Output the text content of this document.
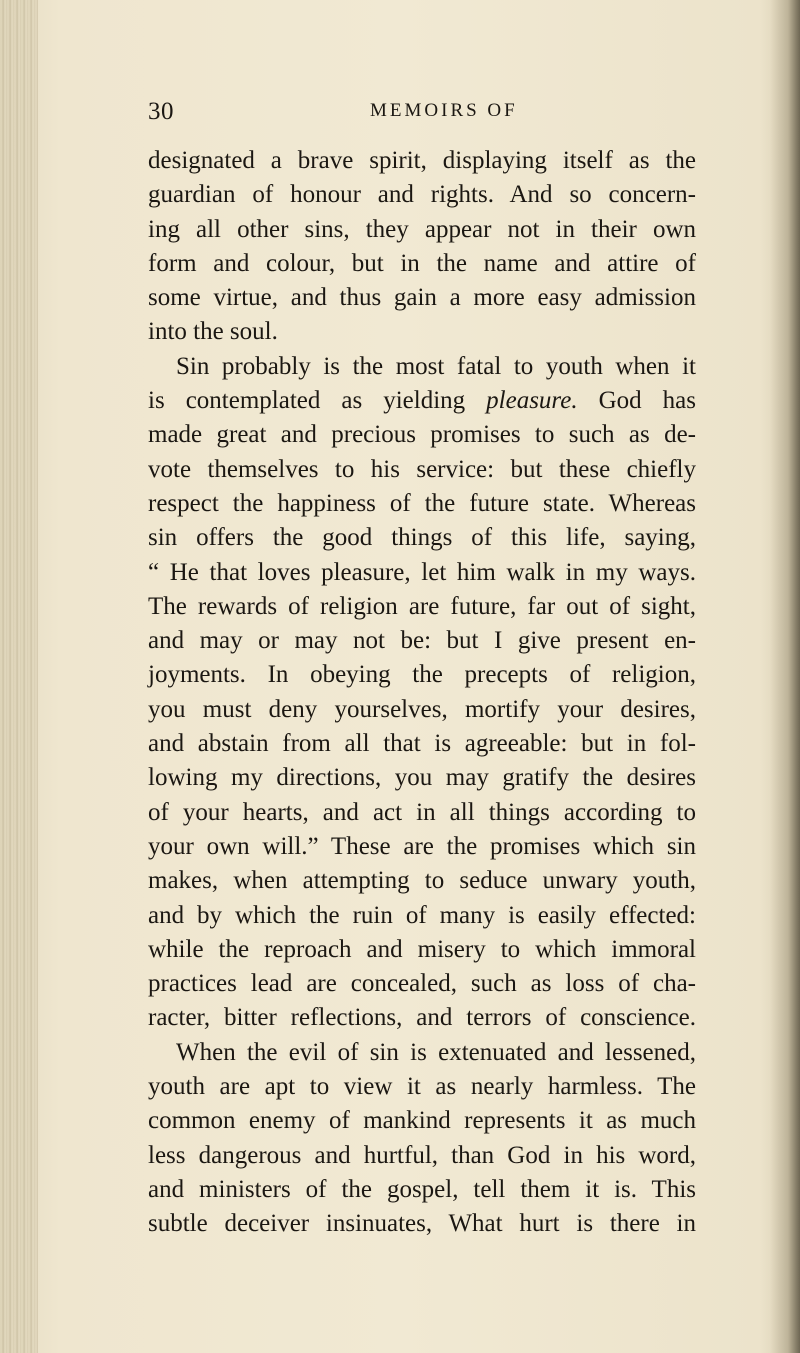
30	MEMOIRS OF
designated a brave spirit, displaying itself as the
guardian of honour and rights. And so concern-
ing all other sins, they appear not in their own
form and colour, but in the name and attire of
some virtue, and thus gain a more easy admission
into the soul.
Sin probably is the most fatal to youth when it
is contemplated as yielding pleasure. God has
made great and precious promises to such as de-
vote themselves to his service: but these chiefly
respect the happiness of the future state. Whereas
sin offers the good things of this life, saying,
“ He that loves pleasure, let him walk in my ways.
The rewards of religion are future, far out of sight,
and may or may not be: but I give present en-
joyments. In obeying the precepts of religion,
you must deny yourselves, mortify your desires,
and abstain from all that is agreeable: but in fol-
lowing my directions, you may gratify the desires
of your hearts, and act in all things according to
your own will.” These are the promises which sin
makes, when attempting to seduce unwary youth,
and by which the ruin of many is easily effected:
while the reproach and misery to which immoral
practices lead are concealed, such as loss of cha-
racter, bitter reflections, and terrors of conscience.
When the evil of sin is extenuated and lessened,
youth are apt to view it as nearly harmless. The
common enemy of mankind represents it as much
less dangerous and hurtful, than God in his word,
and ministers of the gospel, tell them it is. This
subtle deceiver insinuates, What hurt is there in
